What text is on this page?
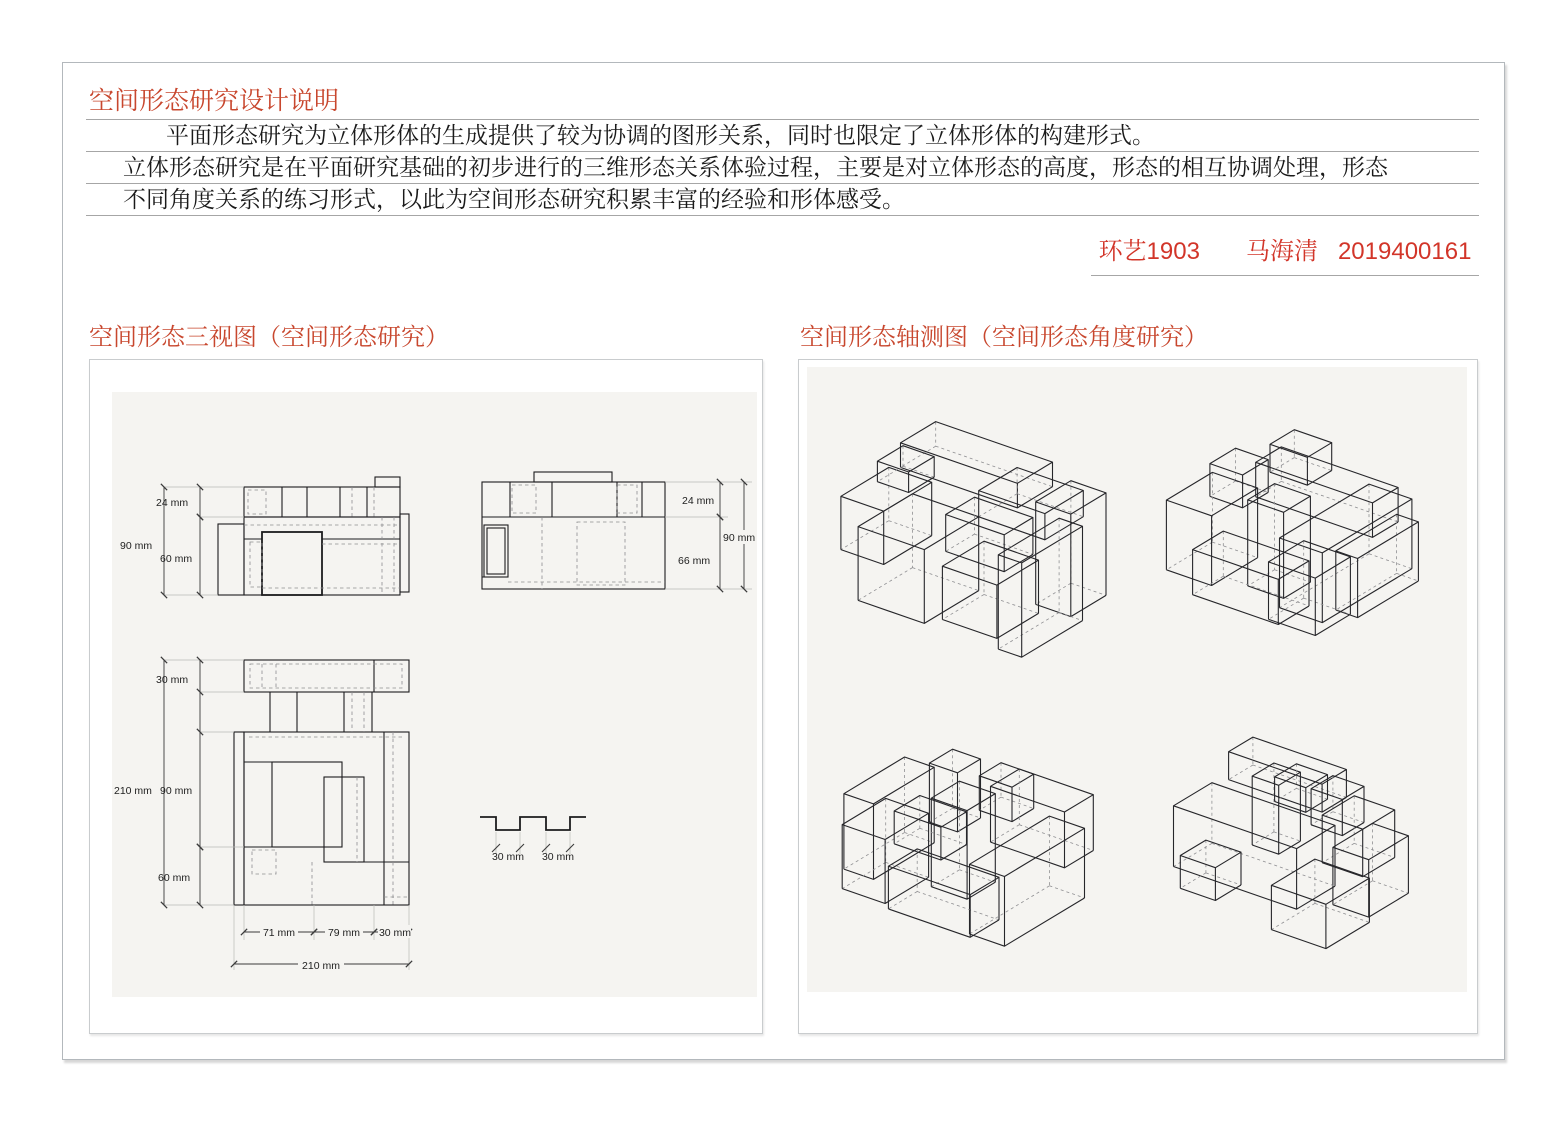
空间形态研究设计说明
平面形态研究为立体形体的生成提供了较为协调的图形关系，同时也限定了立体形体的构建形式。
立体形态研究是在平面研究基础的初步进行的三维形态关系体验过程，主要是对立体形态的高度，形态的相互协调处理，形态
不同角度关系的练习形式，以此为空间形态研究积累丰富的经验和形体感受。
环艺1903 马海清 2019400161
空间形态三视图（空间形态研究）	空间形态轴测图（空间形态角度研究）
90 mm
24 mm
60 mm
24 mm
90 mm
66 mm
30 mm
210 mm 90 mm
60 mm
71 mm	79 mm 30 mm
210 mm
30 mm 30 mm
